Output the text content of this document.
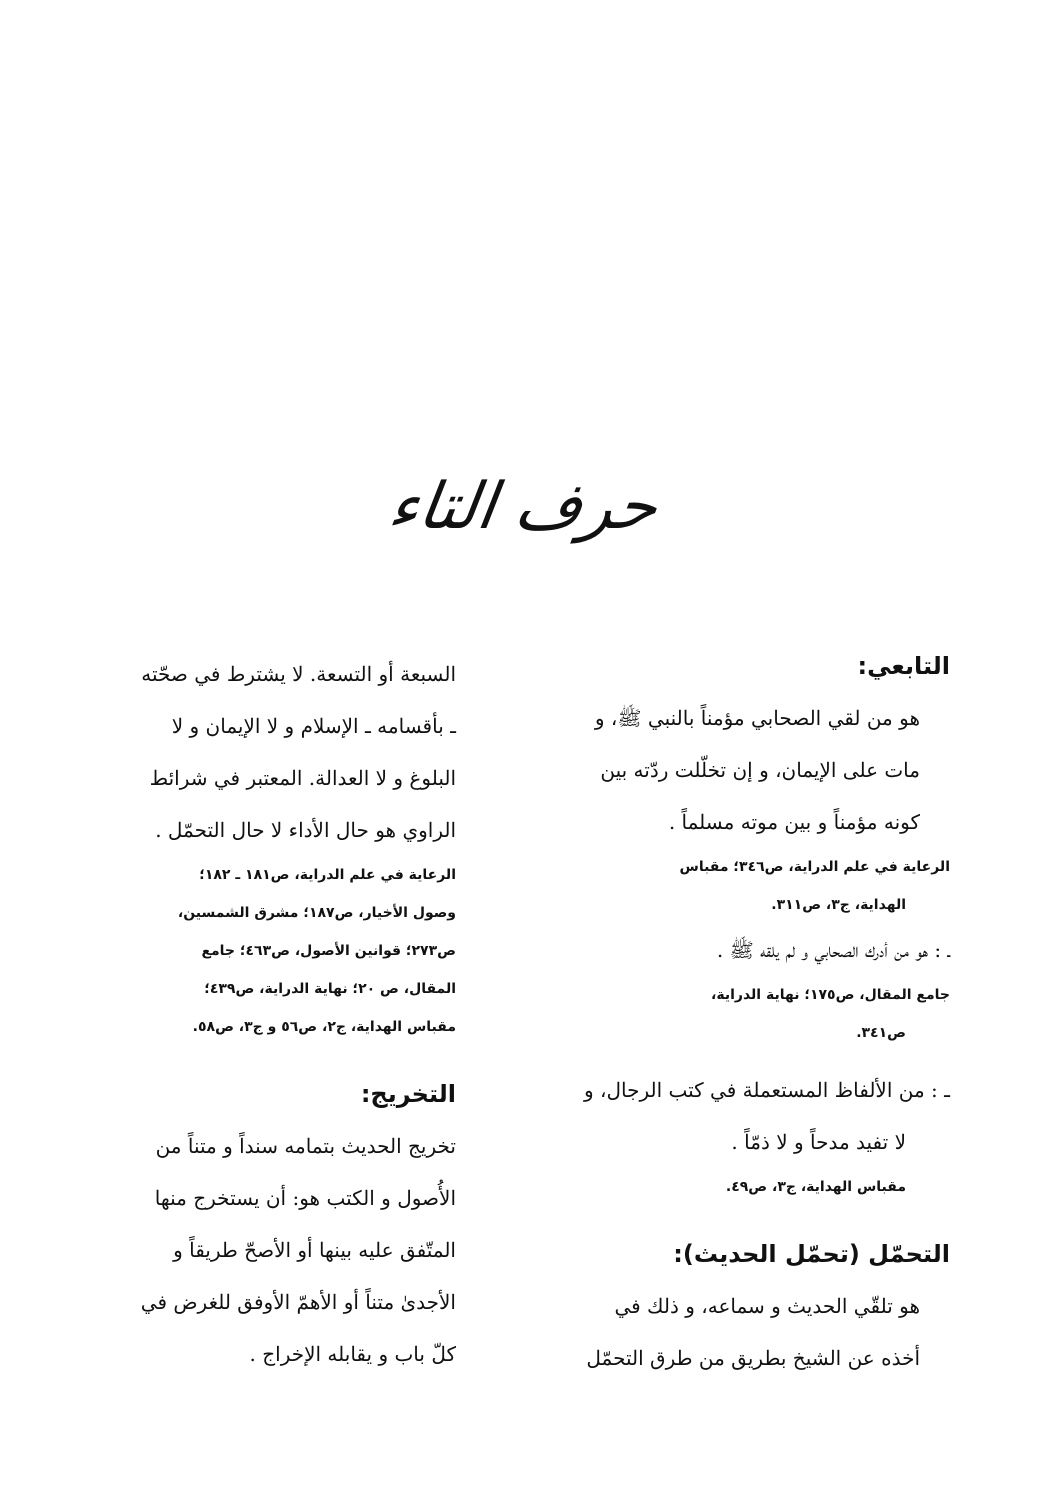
حرف التاء
التابعي:
هو من لقي الصحابي مؤمناً بالنبي ﷺ، و
مات على الإيمان، و إن تخلّلت ردّته بين
كونه مؤمناً و بين موته مسلماً .
الرعاية في علم الدراية، ص٣٤٦؛ مقباس
الهداية، ج٣، ص٣١١.
ـ : هو من أدرك الصحابي و لم يلقه ﷺ .
جامع المقال، ص١٧٥؛ نهاية الدراية،
ص٣٤١.
ـ : من الألفاظ المستعملة في كتب الرجال، و
لا تفيد مدحاً و لا ذمّاً .
مقباس الهداية، ج٣، ص٤٩.
التحمّل (تحمّل الحديث):
هو تلقّي الحديث و سماعه، و ذلك في
أخذه عن الشيخ بطريق من طرق التحمّل
السبعة أو التسعة. لا يشترط في صحّته
ـ بأقسامه ـ الإسلام و لا الإيمان و لا
البلوغ و لا العدالة. المعتبر في شرائط
الراوي هو حال الأداء لا حال التحمّل .
الرعاية في علم الدراية، ص١٨١ ـ ١٨٢؛
وصول الأخيار، ص١٨٧؛ مشرق الشمسين،
ص٢٧٣؛ قوانين الأصول، ص٤٦٣؛ جامع
المقال، ص ٢٠؛ نهاية الدراية، ص٤٣٩؛
مقباس الهداية، ج٢، ص٥٦ و ج٣، ص٥٨.
التخريج:
تخريج الحديث بتمامه سنداً و متناً من
الأُصول و الكتب هو: أن يستخرج منها
المتّفق عليه بينها أو الأصحّ طريقاً و
الأجدىٰ متناً أو الأهمّ الأوفق للغرض في
كلّ باب و يقابله الإخراج .
